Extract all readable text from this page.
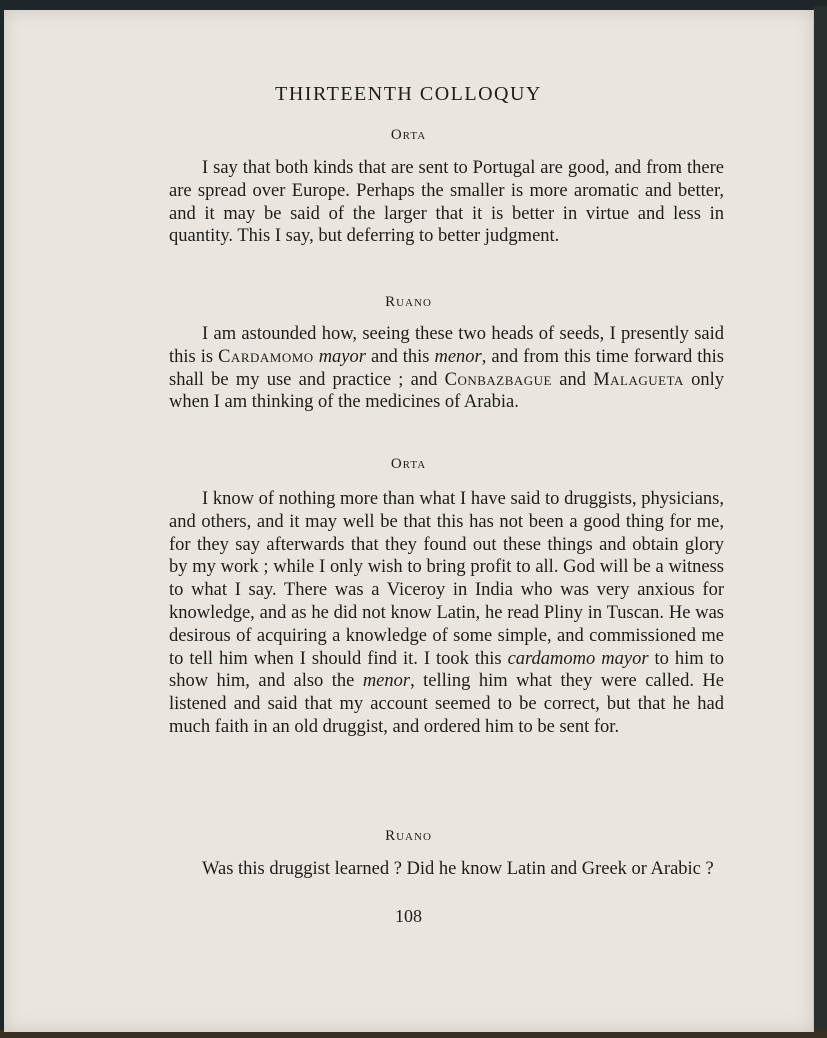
THIRTEENTH COLLOQUY
Orta
I say that both kinds that are sent to Portugal are good, and from there are spread over Europe. Perhaps the smaller is more aromatic and better, and it may be said of the larger that it is better in virtue and less in quantity. This I say, but deferring to better judgment.
Ruano
I am astounded how, seeing these two heads of seeds, I presently said this is Cardamomo mayor and this menor, and from this time forward this shall be my use and practice ; and Conbazbague and Malagueta only when I am thinking of the medicines of Arabia.
Orta
I know of nothing more than what I have said to druggists, physicians, and others, and it may well be that this has not been a good thing for me, for they say afterwards that they found out these things and obtain glory by my work ; while I only wish to bring profit to all. God will be a witness to what I say. There was a Viceroy in India who was very anxious for knowledge, and as he did not know Latin, he read Pliny in Tuscan. He was desirous of acquiring a knowledge of some simple, and commissioned me to tell him when I should find it. I took this cardamomo mayor to him to show him, and also the menor, telling him what they were called. He listened and said that my account seemed to be correct, but that he had much faith in an old druggist, and ordered him to be sent for.
Ruano
Was this druggist learned ? Did he know Latin and Greek or Arabic ?
108
